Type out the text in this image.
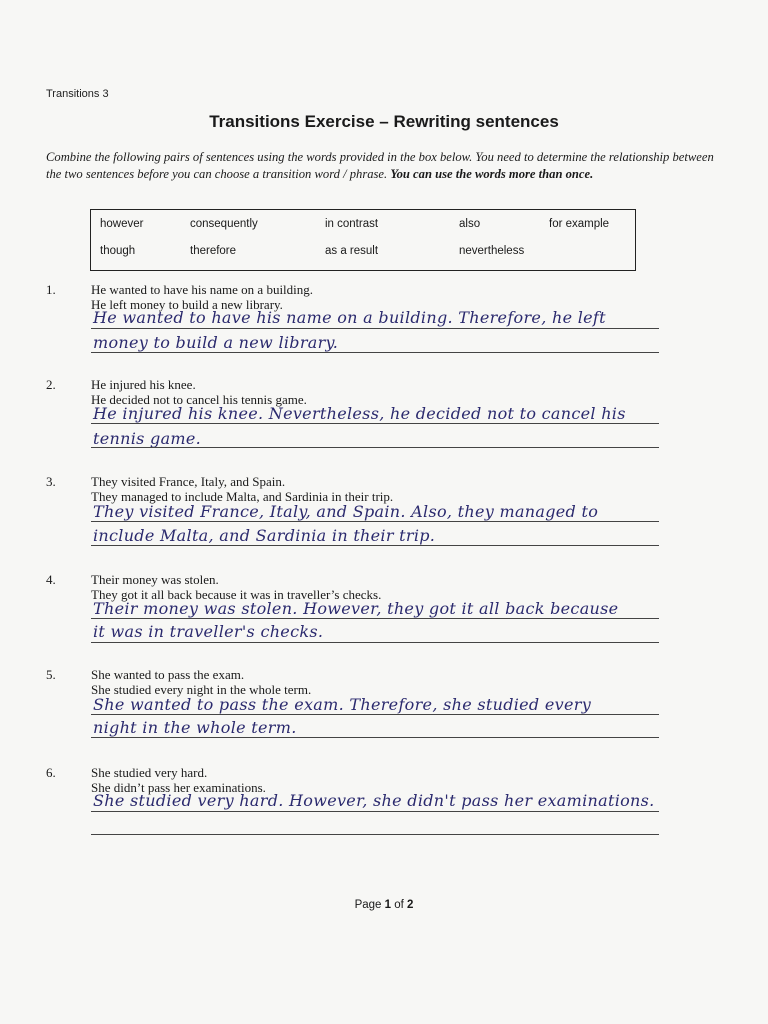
Transitions 3
Transitions Exercise – Rewriting sentences
Combine the following pairs of sentences using the words provided in the box below. You need to determine the relationship between the two sentences before you can choose a transition word / phrase. You can use the words more than once.
however	consequently	in contrast	also	for example
though	therefore	as a result	nevertheless
1.	He wanted to have his name on a building.
He left money to build a new library.
He wanted to have his name on a building. Therefore, he left
money to build a new library.
2.	He injured his knee.
He decided not to cancel his tennis game.
He injured his knee. Nevertheless, he decided not to cancel his
tennis game.
3.	They visited France, Italy, and Spain.
They managed to include Malta, and Sardinia in their trip.
They visited France, Italy, and Spain. Also, they managed to
include Malta, and Sardinia in their trip.
4.	Their money was stolen.
They got it all back because it was in traveller’s checks.
Their money was stolen. However, they got it all back because
it was in traveller's checks.
5.	She wanted to pass the exam.
She studied every night in the whole term.
She wanted to pass the exam. Therefore, she studied every
night in the whole term.
6.	She studied very hard.
She didn’t pass her examinations.
She studied very hard. However, she didn't pass her examinations.
Page 1 of 2
